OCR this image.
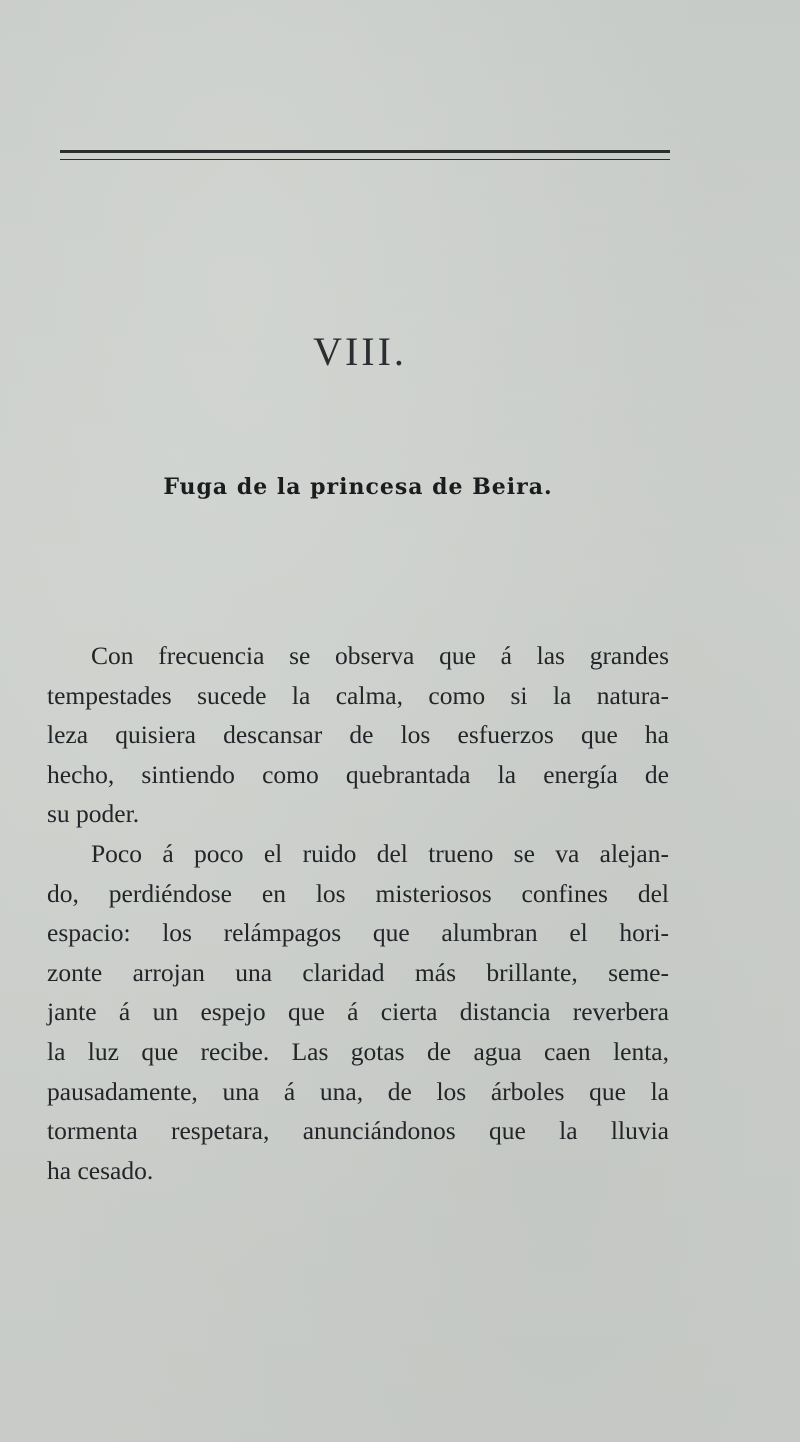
VIII.
Fuga de la princesa de Beira.

Con frecuencia se observa que á las grandes
tempestades sucede la calma, como si la natura-
leza quisiera descansar de los esfuerzos que ha
hecho, sintiendo como quebrantada la energía de
su poder.

Poco á poco el ruido del trueno se va alejan-
do, perdiéndose en los misteriosos confines del
espacio: los relámpagos que alumbran el hori-
zonte arrojan una claridad más brillante, seme-
jante á un espejo que á cierta distancia reverbera
la luz que recibe. Las gotas de agua caen lenta,
pausadamente, una á una, de los árboles que la
tormenta respetara, anunciándonos que la lluvia
ha cesado.
